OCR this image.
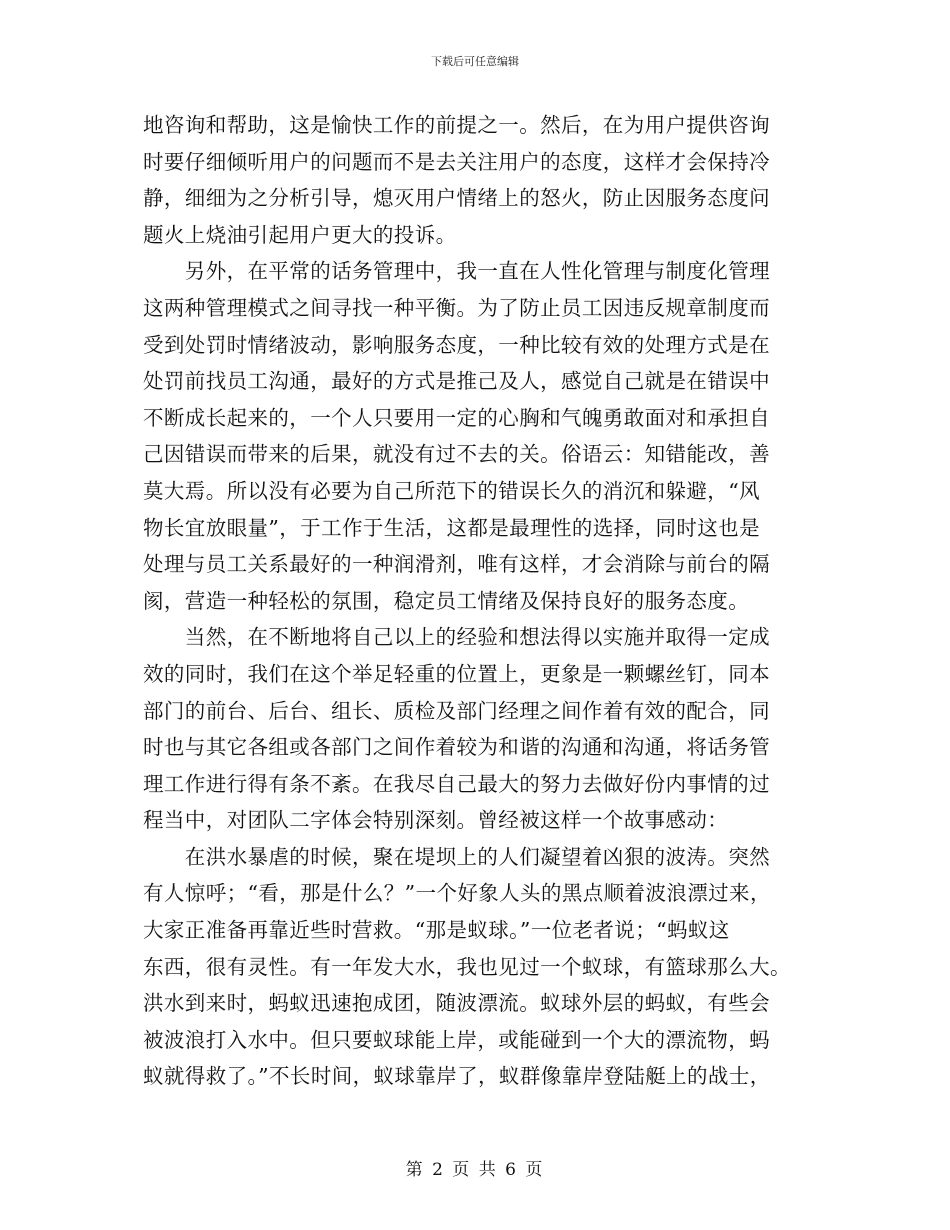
下载后可任意编辑
地咨询和帮助，这是愉快工作的前提之一。然后，在为用户提供咨询
时要仔细倾听用户的问题而不是去关注用户的态度，这样才会保持冷
静，细细为之分析引导，熄灭用户情绪上的怒火，防止因服务态度问
题火上烧油引起用户更大的投诉。
　　另外，在平常的话务管理中，我一直在人性化管理与制度化管理
这两种管理模式之间寻找一种平衡。为了防止员工因违反规章制度而
受到处罚时情绪波动，影响服务态度，一种比较有效的处理方式是在
处罚前找员工沟通，最好的方式是推己及人，感觉自己就是在错误中
不断成长起来的，一个人只要用一定的心胸和气魄勇敢面对和承担自
己因错误而带来的后果，就没有过不去的关。俗语云：知错能改，善
莫大焉。所以没有必要为自己所范下的错误长久的消沉和躲避，“风
物长宜放眼量”，于工作于生活，这都是最理性的选择，同时这也是
处理与员工关系最好的一种润滑剂，唯有这样，才会消除与前台的隔
阂，营造一种轻松的氛围，稳定员工情绪及保持良好的服务态度。
　　当然，在不断地将自己以上的经验和想法得以实施并取得一定成
效的同时，我们在这个举足轻重的位置上，更象是一颗螺丝钉，同本
部门的前台、后台、组长、质检及部门经理之间作着有效的配合，同
时也与其它各组或各部门之间作着较为和谐的沟通和沟通，将话务管
理工作进行得有条不紊。在我尽自己最大的努力去做好份内事情的过
程当中，对团队二字体会特别深刻。曾经被这样一个故事感动：
　　在洪水暴虐的时候，聚在堤坝上的人们凝望着凶狠的波涛。突然
有人惊呼；“看，那是什么？”一个好象人头的黑点顺着波浪漂过来，
大家正准备再靠近些时营救。“那是蚁球。”一位老者说；“蚂蚁这
东西，很有灵性。有一年发大水，我也见过一个蚁球，有篮球那么大。
洪水到来时，蚂蚁迅速抱成团，随波漂流。蚁球外层的蚂蚁，有些会
被波浪打入水中。但只要蚁球能上岸，或能碰到一个大的漂流物，蚂
蚁就得救了。”不长时间，蚁球靠岸了，蚁群像靠岸登陆艇上的战士，
第 2 页 共 6 页
